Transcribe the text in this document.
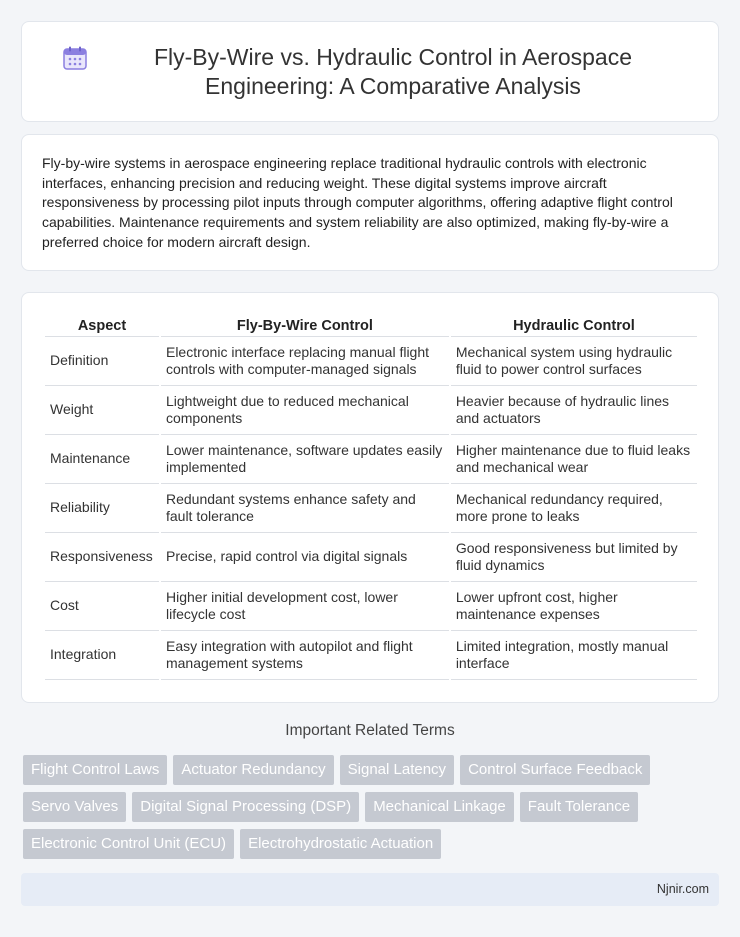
Fly-By-Wire vs. Hydraulic Control in Aerospace Engineering: A Comparative Analysis

Fly-by-wire systems in aerospace engineering replace traditional hydraulic controls with electronic interfaces, enhancing precision and reducing weight. These digital systems improve aircraft responsiveness by processing pilot inputs through computer algorithms, offering adaptive flight control capabilities. Maintenance requirements and system reliability are also optimized, making fly-by-wire a preferred choice for modern aircraft design.

Aspect	Fly-By-Wire Control	Hydraulic Control
Definition	Electronic interface replacing manual flight controls with computer-managed signals	Mechanical system using hydraulic fluid to power control surfaces
Weight	Lightweight due to reduced mechanical components	Heavier because of hydraulic lines and actuators
Maintenance	Lower maintenance, software updates easily implemented	Higher maintenance due to fluid leaks and mechanical wear
Reliability	Redundant systems enhance safety and fault tolerance	Mechanical redundancy required, more prone to leaks
Responsiveness	Precise, rapid control via digital signals	Good responsiveness but limited by fluid dynamics
Cost	Higher initial development cost, lower lifecycle cost	Lower upfront cost, higher maintenance expenses
Integration	Easy integration with autopilot and flight management systems	Limited integration, mostly manual interface
Important Related Terms
Flight Control Laws	Actuator Redundancy	Signal Latency	Control Surface Feedback
Servo Valves	Digital Signal Processing (DSP)	Mechanical Linkage	Fault Tolerance
Electronic Control Unit (ECU)	Electrohydrostatic Actuation
Njnir.com
